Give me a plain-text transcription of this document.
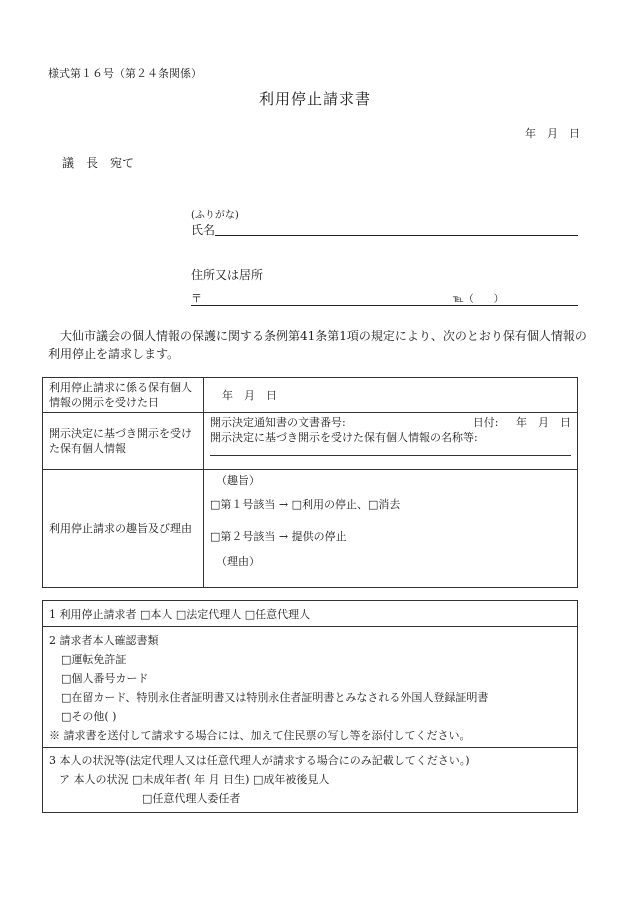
様式第１６号（第２４条関係）
利用停止請求書
年　月　日
議　長　宛て
(ふりがな)
氏名
住所又は居所
〒	℡（　　）
大仙市議会の個人情報の保護に関する条例第41条第1項の規定により、次のとおり保有個人情報の利用停止を請求します。
利用停止請求に係る保有個人情報の開示を受けた日	年　月　日
開示決定に基づき開示を受けた保有個人情報	開示決定通知書の文書番号: 日付: 年　月　日
開示決定に基づき開示を受けた保有個人情報の名称等:

利用停止請求の趣旨及び理由	（趣旨）
□第１号該当 → □利用の停止、□消去
□第２号該当 → 提供の停止
（理由）
1 利用停止請求者 □本人 □法定代理人 □任意代理人
2 請求者本人確認書類
□運転免許証
□個人番号カード
□在留カード、特別永住者証明書又は特別永住者証明書とみなされる外国人登録証明書
□その他( )
※ 請求書を送付して請求する場合には、加えて住民票の写し等を添付してください。
3 本人の状況等(法定代理人又は任意代理人が請求する場合にのみ記載してください。)
ア 本人の状況 □未成年者( 年 月 日生) □成年被後見人
□任意代理人委任者
